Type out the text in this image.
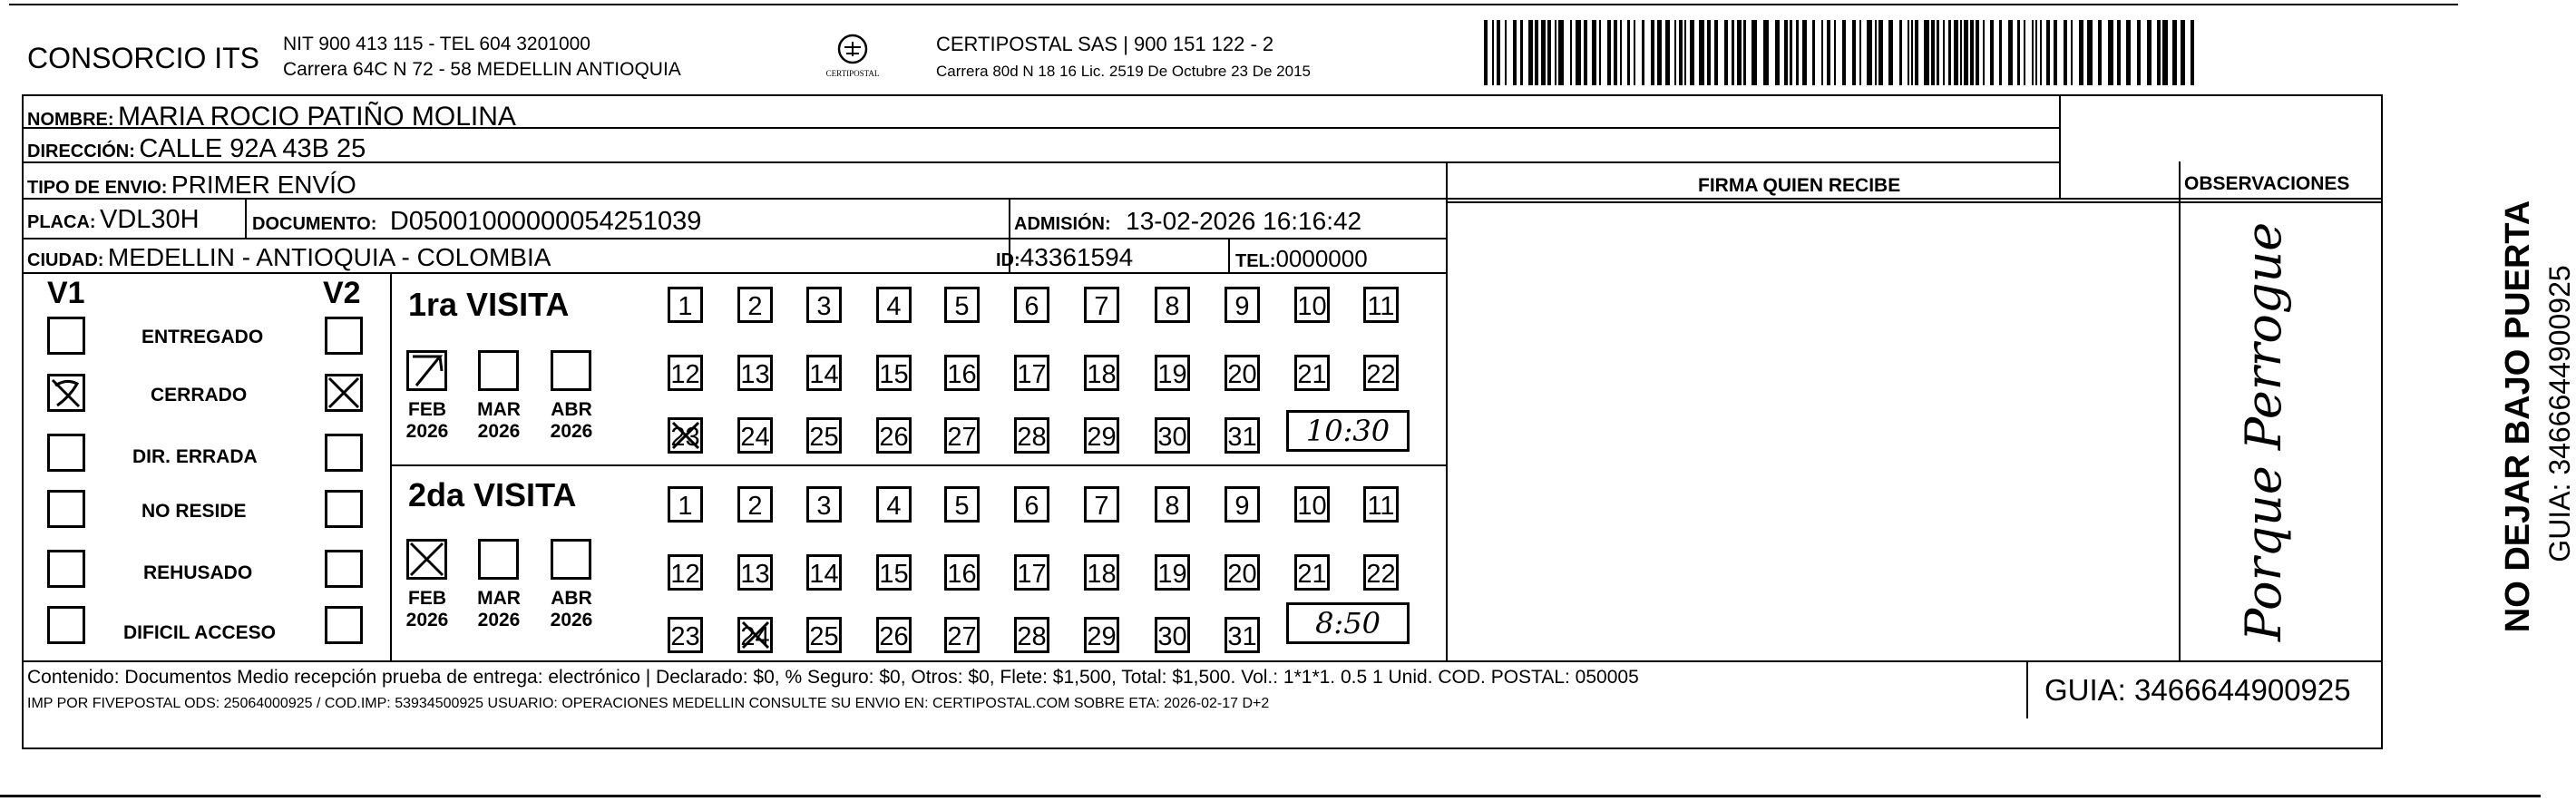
CONSORCIO ITS NIT 900 413 115 - TEL 604 3201000
Carrera 64C N 72 - 58 MEDELLIN ANTIOQUIA	CERTIPOSTAL
CERTIPOSTAL SAS | 900 151 122 - 2
Carrera 80d N 18 16 Lic. 2519 De Octubre 23 De 2015
NOMBRE: MARIA ROCIO PATIÑO MOLINA
DIRECCIÓN: CALLE 92A 43B 25
TIPO DE ENVIO: PRIMER ENVÍO
PLACA: VDL30H	DOCUMENTO: D05001000000054251039	ADMISIÓN: 13-02-2026 16:16:42
CIUDAD: MEDELLIN - ANTIOQUIA - COLOMBIA	ID:43361594	TEL:0000000
FIRMA QUIEN RECIBE	OBSERVACIONES
V1	V2
ENTREGADO
CERRADO
DIR. ERRADA
NO RESIDE
REHUSADO
DIFICIL ACCESO
1ra VISITA
2da VISITA
FEB
2026
MAR
2026
ABR
2026
FEB
2026
MAR
2026
ABR
2026
1 2 3 4 5 6 7 8 9 10 11
12 13 14 15 16 17 18 19 20 21 22
23 24 25 26 27 28 29 30 31
1 2 3 4 5 6 7 8 9 10 11
12 13 14 15 16 17 18 19 20 21 22
23 24 25 26 27 28 29 30 31
10:30
8:50	Porque Perrogue
Contenido: Documentos Medio recepción prueba de entrega: electrónico | Declarado: $0, % Seguro: $0, Otros: $0, Flete: $1,500, Total: $1,500. Vol.: 1*1*1. 0.5 1 Unid. COD. POSTAL: 050005
IMP POR FIVEPOSTAL ODS: 25064000925 / COD.IMP: 53934500925 USUARIO: OPERACIONES MEDELLIN CONSULTE SU ENVIO EN: CERTIPOSTAL.COM SOBRE ETA: 2026-02-17 D+2	GUIA: 3466644900925
NO DEJAR BAJO PUERTA GUIA: 3466644900925
